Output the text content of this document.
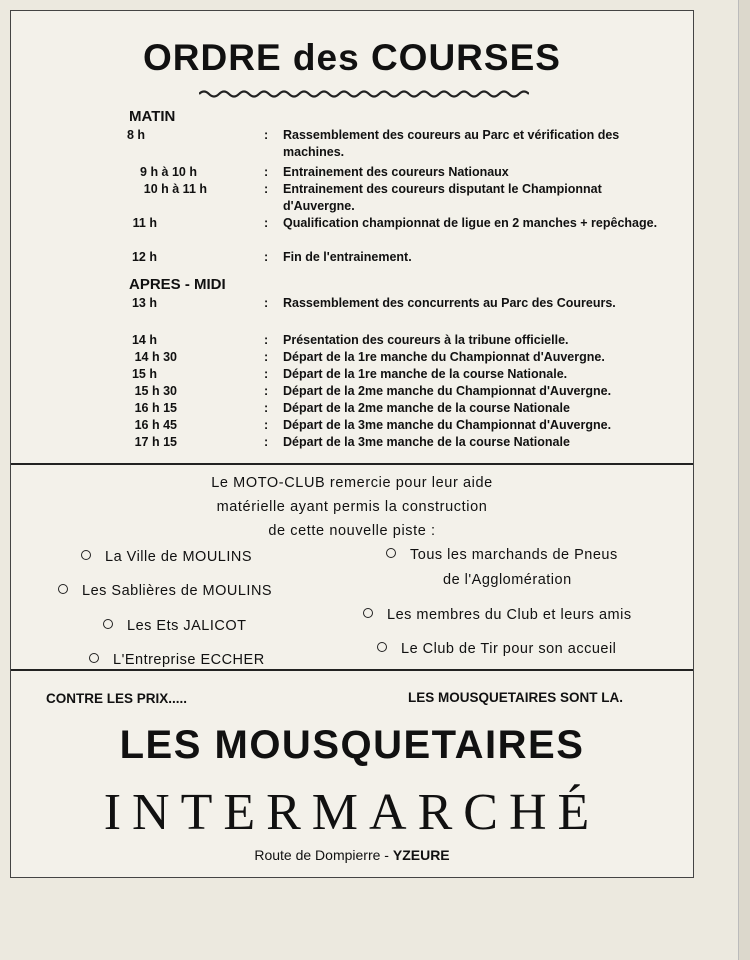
ORDRE des COURSES
MATIN
8 h	: Rassemblement des coureurs au Parc et vérification des machines.
9 h à 10 h	: Entrainement des coureurs Nationaux
10 h à 11 h	: Entrainement des coureurs disputant le Championnat d'Auvergne.
11 h	: Qualification championnat de ligue en 2 manches + repêchage.
12 h	: Fin de l'entrainement.
APRES - MIDI
13 h	: Rassemblement des concurrents au Parc des Coureurs.
14 h	: Présentation des coureurs à la tribune officielle.
14 h 30	: Départ de la 1re manche du Championnat d'Auvergne.
15 h	: Départ de la 1re manche de la course Nationale.
15 h 30	: Départ de la 2me manche du Championnat d'Auvergne.
16 h 15	: Départ de la 2me manche de la course Nationale
16 h 45	: Départ de la 3me manche du Championnat d'Auvergne.
17 h 15	: Départ de la 3me manche de la course Nationale
Le MOTO-CLUB remercie pour leur aide
matérielle ayant permis la construction
de cette nouvelle piste :
La Ville de MOULINS
Les Sablières de MOULINS
Les Ets JALICOT
L'Entreprise ECCHER
Tous les marchands de Pneus
de l'Agglomération
Les membres du Club et leurs amis
Le Club de Tir pour son accueil
CONTRE LES PRIX.....	LES MOUSQUETAIRES SONT LA.
LES MOUSQUETAIRES
INTERMARCHÉ
Route de Dompierre - YZEURE
